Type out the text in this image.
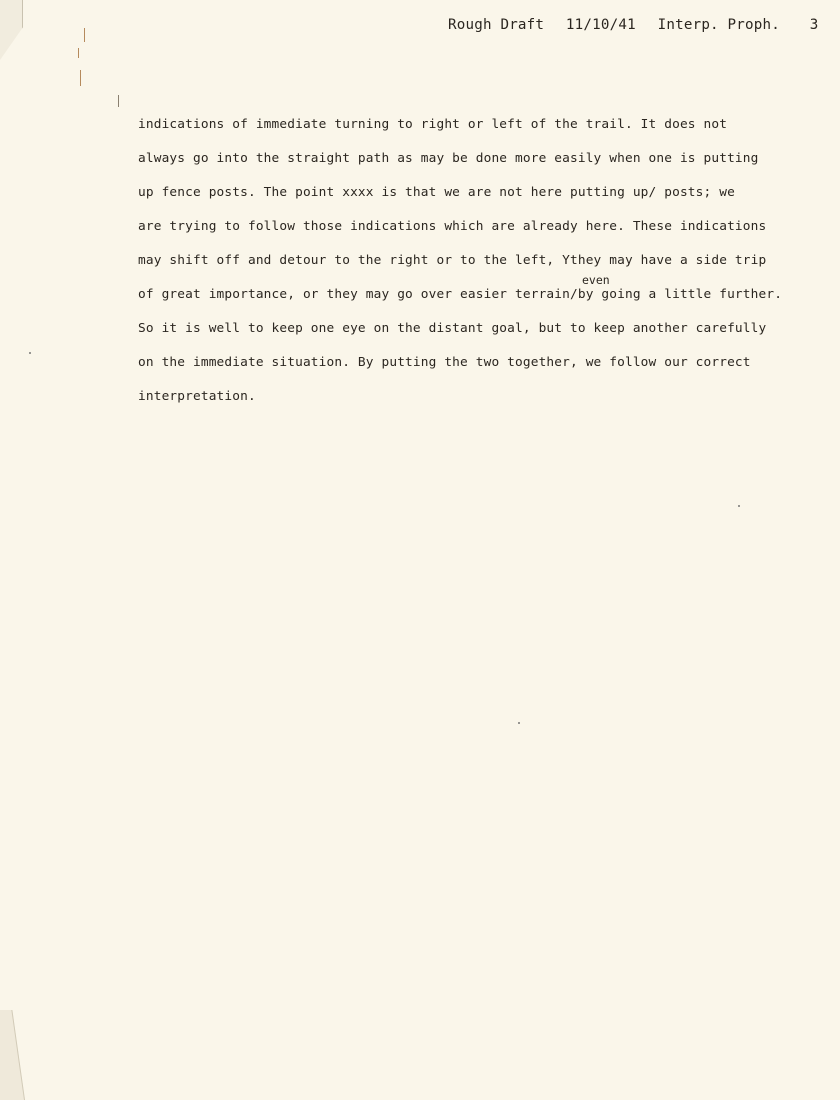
Rough Draft 11/10/41 Interp. Proph. 3
even
indications of immediate turning to right or left of the trail. It does not
always go into the straight path as may be done more easily when one is putting
up fence posts. The point xxxx is that we are not here putting up/ posts; we
are trying to follow those indications which are already here. These indications
may shift off and detour to the right or to the left, Ythey may have a side trip
of great importance, or they may go over easier terrain/by going a little further.
So it is well to keep one eye on the distant goal, but to keep another carefully
on the immediate situation. By putting the two together, we follow our correct
interpretation.
